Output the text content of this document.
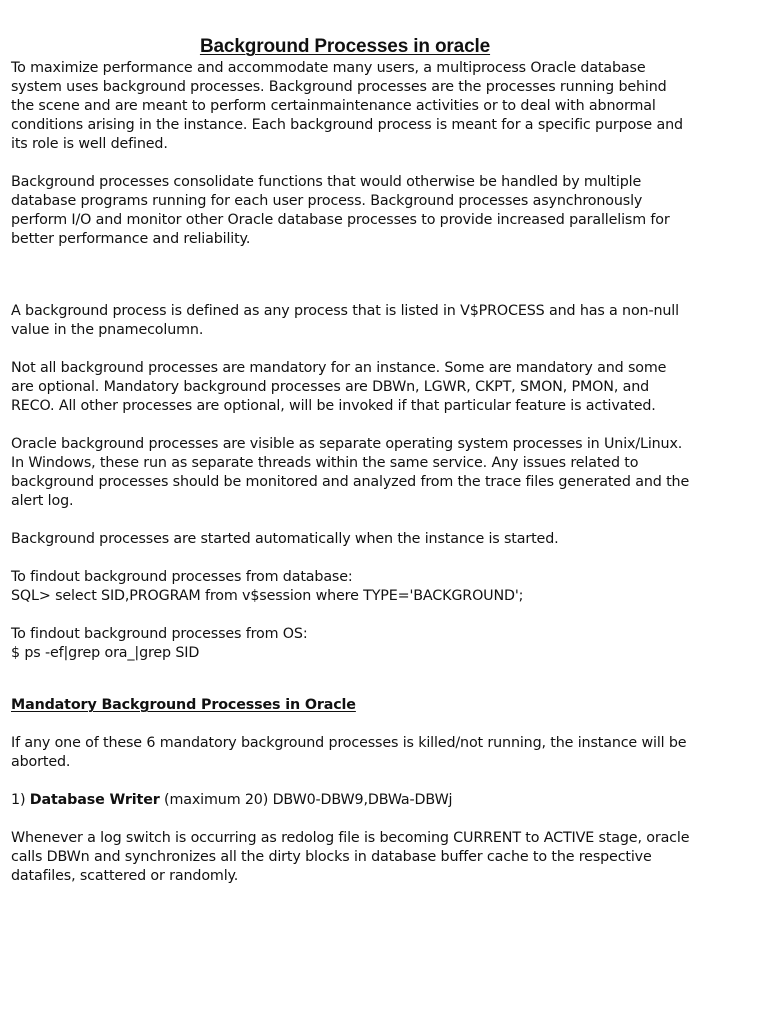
Background Processes in oracle

To maximize performance and accommodate many users, a multiprocess Oracle database system uses background processes. Background processes are the processes running behind the scene and are meant to perform certainmaintenance activities or to deal with abnormal conditions arising in the instance. Each background process is meant for a specific purpose and its role is well defined.

Background processes consolidate functions that would otherwise be handled by multiple database programs running for each user process. Background processes asynchronously perform I/O and monitor other Oracle database processes to provide increased parallelism for better performance and reliability.

A background process is defined as any process that is listed in V$PROCESS and has a non-null value in the pnamecolumn.

Not all background processes are mandatory for an instance. Some are mandatory and some are optional. Mandatory background processes are DBWn, LGWR, CKPT, SMON, PMON, and RECO. All other processes are optional, will be invoked if that particular feature is activated.

Oracle background processes are visible as separate operating system processes in Unix/Linux. In Windows, these run as separate threads within the same service. Any issues related to background processes should be monitored and analyzed from the trace files generated and the alert log.

Background processes are started automatically when the instance is started.

To findout background processes from database:

SQL> select SID,PROGRAM from v$session where TYPE='BACKGROUND';

To findout background processes from OS:

$ ps -ef|grep ora_|grep SID

Mandatory Background Processes in Oracle

If any one of these 6 mandatory background processes is killed/not running, the instance will be aborted.

1) Database Writer (maximum 20) DBW0-DBW9,DBWa-DBWj

Whenever a log switch is occurring as redolog file is becoming CURRENT to ACTIVE stage, oracle calls DBWn and synchronizes all the dirty blocks in database buffer cache to the respective datafiles, scattered or randomly.
